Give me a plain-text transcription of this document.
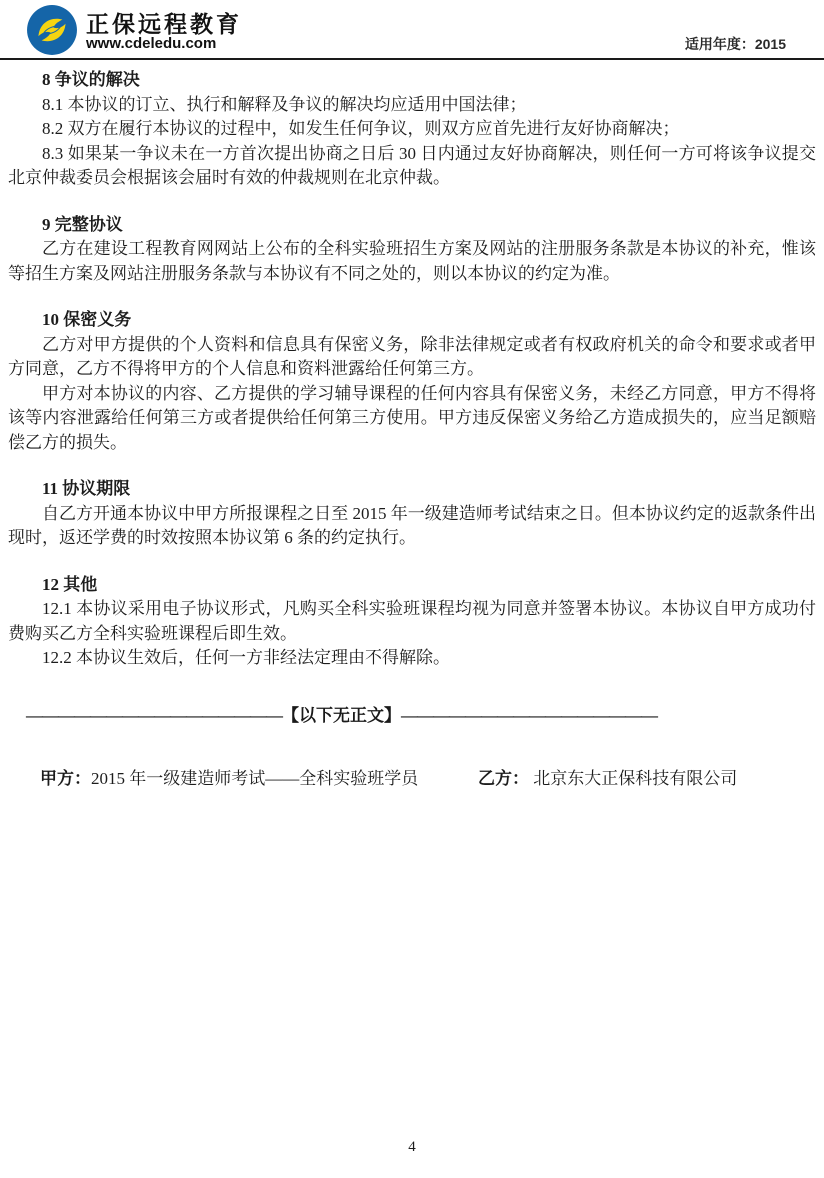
正保远程教育
www.cdeledu.com	适用年度：2015
8 争议的解决

8.1 本协议的订立、执行和解释及争议的解决均应适用中国法律；

8.2 双方在履行本协议的过程中，如发生任何争议，则双方应首先进行友好协商解决；

8.3 如果某一争议未在一方首次提出协商之日后 30 日内通过友好协商解决，则任何一方可将该争议提交北京仲裁委员会根据该会届时有效的仲裁规则在北京仲裁。

9 完整协议

乙方在建设工程教育网网站上公布的全科实验班招生方案及网站的注册服务条款是本协议的补充，惟该等招生方案及网站注册服务条款与本协议有不同之处的，则以本协议的约定为准。

10 保密义务

乙方对甲方提供的个人资料和信息具有保密义务，除非法律规定或者有权政府机关的命令和要求或者甲方同意，乙方不得将甲方的个人信息和资料泄露给任何第三方。

甲方对本协议的内容、乙方提供的学习辅导课程的任何内容具有保密义务，未经乙方同意，甲方不得将该等内容泄露给任何第三方或者提供给任何第三方使用。甲方违反保密义务给乙方造成损失的，应当足额赔偿乙方的损失。

11 协议期限

自乙方开通本协议中甲方所报课程之日至 2015 年一级建造师考试结束之日。但本协议约定的返款条件出现时，返还学费的时效按照本协议第 6 条的约定执行。

12 其他

12.1 本协议采用电子协议形式，凡购买全科实验班课程均视为同意并签署本协议。本协议自甲方成功付费购买乙方全科实验班课程后即生效。

12.2 本协议生效后，任何一方非经法定理由不得解除。

————————————————【以下无正文】————————————————
甲方：2015 年一级建造师考试——全科实验班学员	乙方： 北京东大正保科技有限公司
4
